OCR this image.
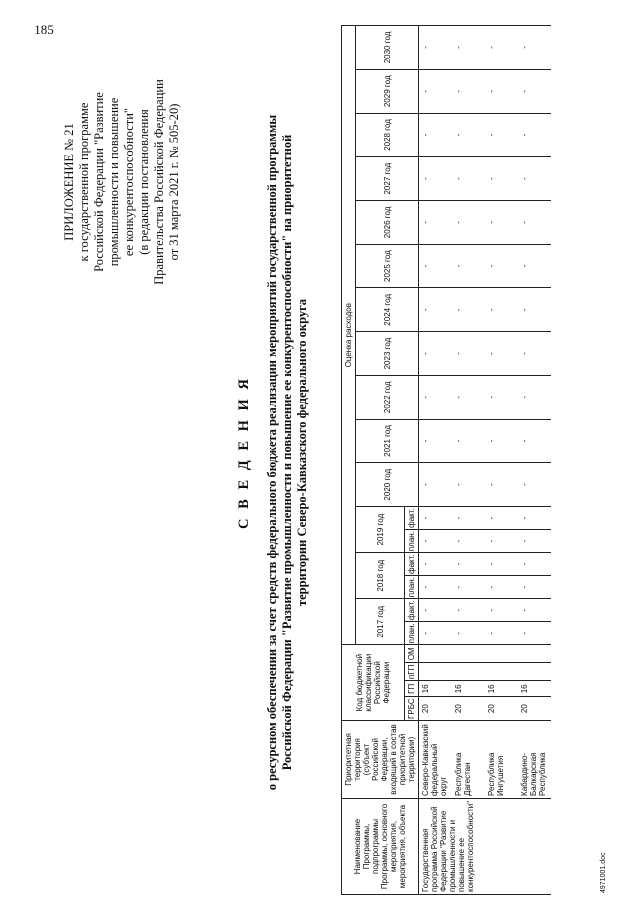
185
ПРИЛОЖЕНИЕ № 21 к государственной программе Российской Федерации "Развитие промышленности и повышение ее конкурентоспособности" (в редакции постановления Правительства Российской Федерации от 31 марта 2021 г. № 505-20)
С В Е Д Е Н И Я о ресурсном обеспечении за счет средств федерального бюджета реализации мероприятий государственной программы Российской Федерации "Развитие промышленности и повышение ее конкурентоспособности" на приоритетной территории Северо-Кавказского федерального округа
Наименование Программы, подпрограммы Программы, основного мероприятия, мероприятия, объекта	Приоритетная территория (субъект Российской Федерации, входящий в состав приоритетной территории)	Код бюджетной классификации Российской Федерации				Оценка расходов																
						2017 год		2018 год		2019 год		2020 год	2021 год	2022 год	2023 год	2024 год	2025 год	2026 год	2027 год	2028 год	2029 год	2030 год
		ГРБС	ГП	пГП	ОМ	план.	факт.	план.	факт.	план.	факт.											
Государственная программа Российской Федерации "Развитие промышленности и повышение ее конкурентоспособности"	Северо-Кавказский федеральный округ	20	16			-	-	-	-	-	-	-	-	-	-	-	-	-	-	-	-	-
	Республика Дагестан	20	16			-	-	-	-	-	-	-	-	-	-	-	-	-	-	-	-	-
	Республика Ингушетия	20	16			-	-	-	-	-	-	-	-	-	-	-	-	-	-	-	-	-
	Кабардино-Балкарская Республика	20	16			-	-	-	-	-	-	-	-	-	-	-	-	-	-	-	-	-
4971001.doc
